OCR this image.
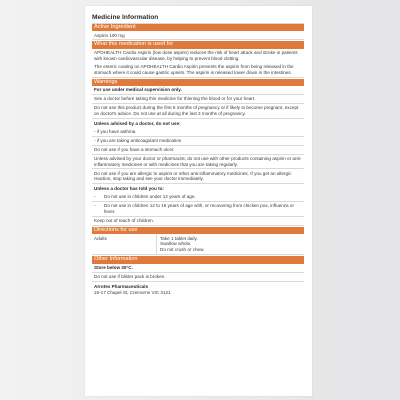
Medicine Information
Active Ingredient
Aspirin 100 mg
What this medication is used for

APOHEALTH Cardio Aspirin (low dose aspirin) reduces the risk of heart attack and stroke in patients with known cardiovascular disease, by helping to prevent blood clotting.

The enteric coating on APOHEALTH Cardio Aspirin prevents the aspirin from being released in the stomach where it could cause gastric upsets. The aspirin is released lower down in the intestines.

Warnings
For use under medical supervision only.
See a doctor before taking this medicine for thinning the blood or for your heart.
Do not use this product during the first 6 months of pregnancy or if likely to become pregnant, except on doctor's advice. Do not use at all during the last 3 months of pregnancy.
Unless advised by a doctor, do not use:
- if you have asthma
- if you are taking anticoagulant medication
Do not use if you have a stomach ulcer.
Unless advised by your doctor or pharmacist, do not use with other products containing aspirin or anti-inflammatory medicines or with medicines that you are taking regularly.
Do not use if you are allergic to aspirin or other anti-inflammatory medicines. If you get an allergic reaction, stop taking and see your doctor immediately.
Unless a doctor has told you to:
-	Do not use in children under 12 years of age.
-	Do not use in children 12 to 16 years of age with, or recovering from chicken pox, influenza or fever.
Keep out of reach of children.
Directions for use
Adults	Take 1 tablet daily.
Swallow whole.
Do not crush or chew.
Other Information
Store below 30°C.
Do not use if blister pack is broken.
Arrotex Pharmaceuticals
15-17 Chapel St, Cremorne VIC 3121
